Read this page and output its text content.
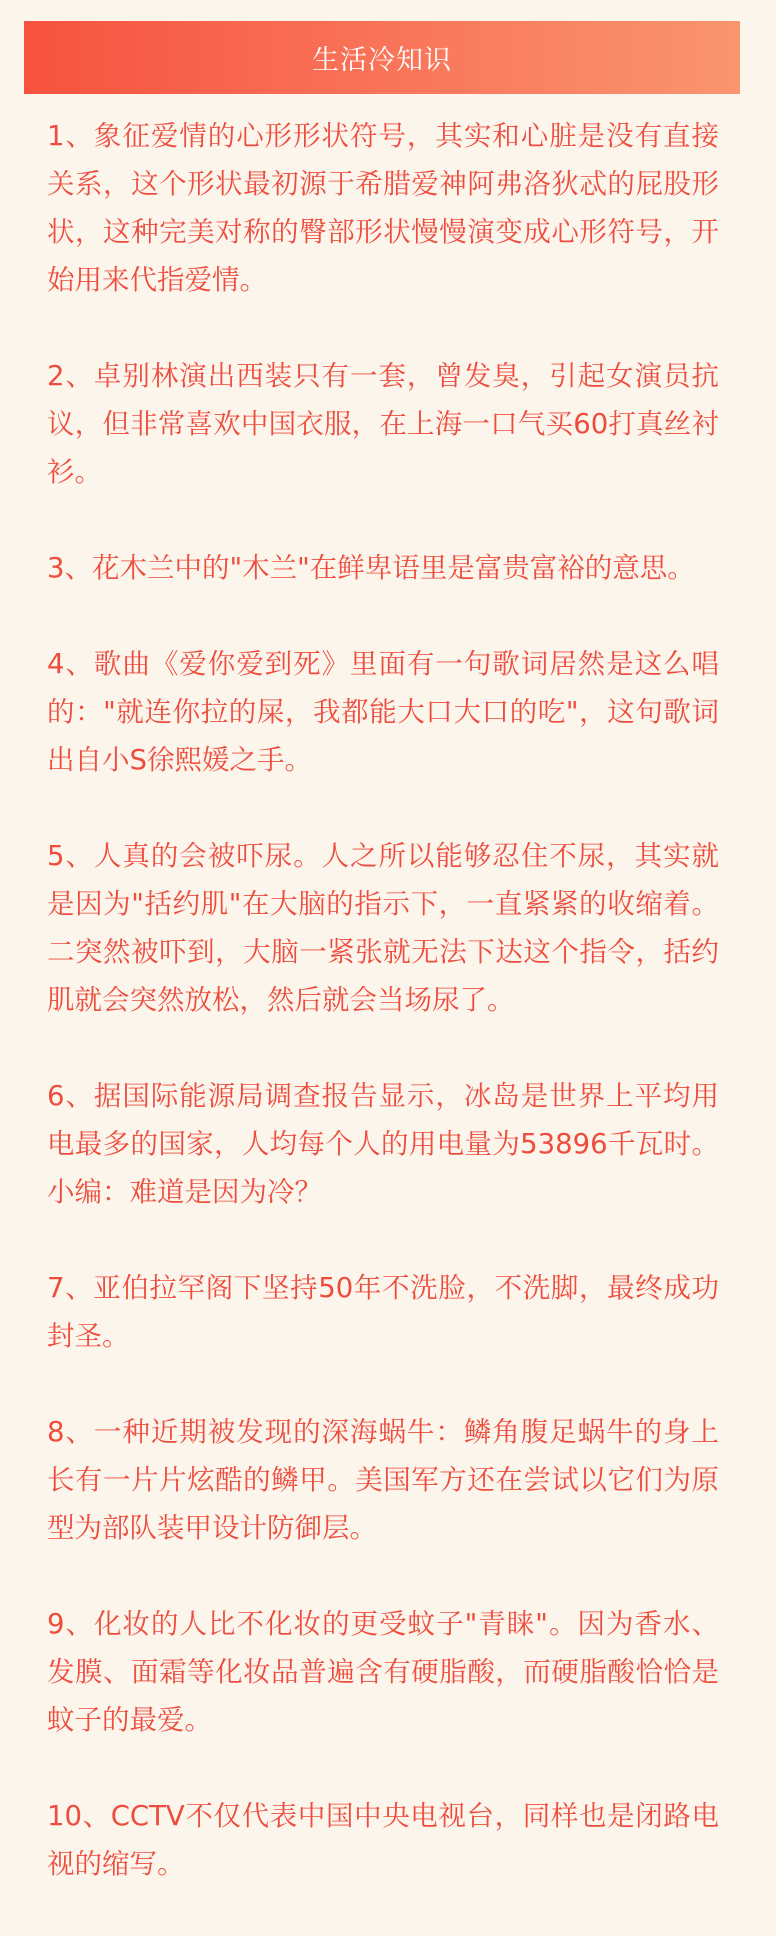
生活冷知识

1、象征爱情的心形形状符号，其实和心脏是没有直接关系，这个形状最初源于希腊爱神阿弗洛狄忒的屁股形状，这种完美对称的臀部形状慢慢演变成心形符号，开始用来代指爱情。

2、卓别林演出西装只有一套，曾发臭，引起女演员抗议，但非常喜欢中国衣服，在上海一口气买60打真丝衬衫。

3、花木兰中的"木兰"在鲜卑语里是富贵富裕的意思。

4、歌曲《爱你爱到死》里面有一句歌词居然是这么唱的："就连你拉的屎，我都能大口大口的吃"，这句歌词出自小S徐熙媛之手。

5、人真的会被吓尿。人之所以能够忍住不尿，其实就是因为"括约肌"在大脑的指示下，一直紧紧的收缩着。二突然被吓到，大脑一紧张就无法下达这个指令，括约肌就会突然放松，然后就会当场尿了。

6、据国际能源局调查报告显示，冰岛是世界上平均用电最多的国家，人均每个人的用电量为53896千瓦时。小编：难道是因为冷？

7、亚伯拉罕阁下坚持50年不洗脸，不洗脚，最终成功封圣。

8、一种近期被发现的深海蜗牛：鳞角腹足蜗牛的身上长有一片片炫酷的鳞甲。美国军方还在尝试以它们为原型为部队装甲设计防御层。

9、化妆的人比不化妆的更受蚊子"青睐"。因为香水、发膜、面霜等化妆品普遍含有硬脂酸，而硬脂酸恰恰是蚊子的最爱。

10、CCTV不仅代表中国中央电视台，同样也是闭路电视的缩写。
